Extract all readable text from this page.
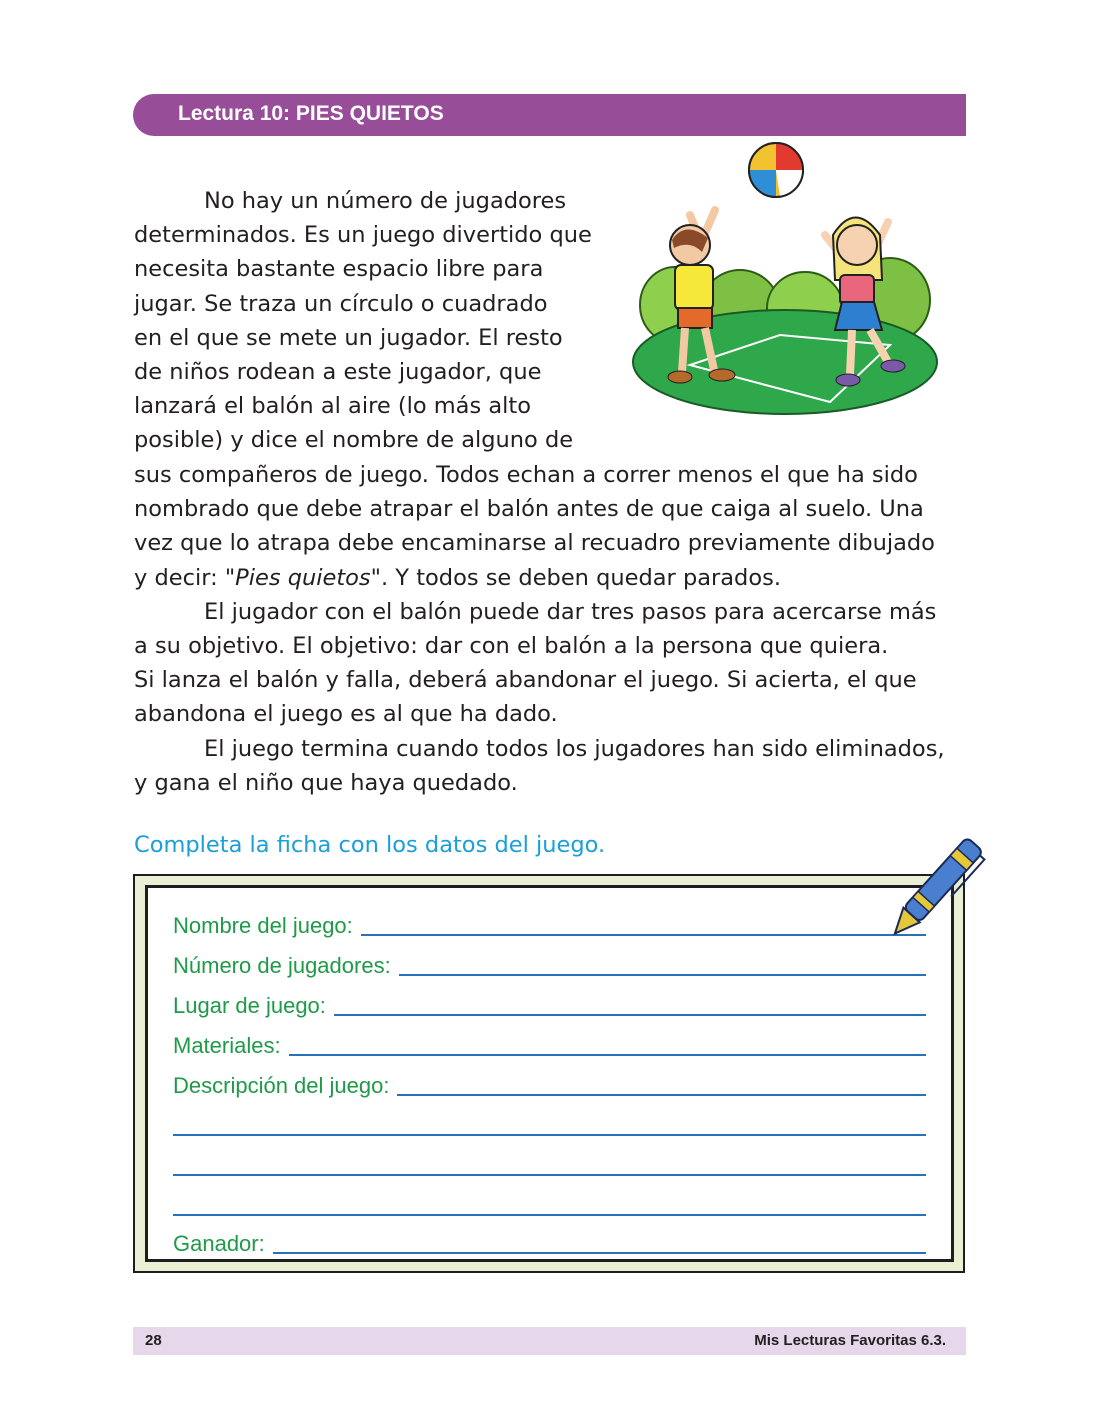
Lectura 10: PIES QUIETOS

No hay un número de jugadores

determinados. Es un juego divertido que

necesita bastante espacio libre para

jugar. Se traza un círculo o cuadrado

en el que se mete un jugador. El resto

de niños rodean a este jugador, que

lanzará el balón al aire (lo más alto

posible) y dice el nombre de alguno de

sus compañeros de juego. Todos echan a correr menos el que ha sido

nombrado que debe atrapar el balón antes de que caiga al suelo. Una

vez que lo atrapa debe encaminarse al recuadro previamente dibujado

y decir: "Pies quietos". Y todos se deben quedar parados.

El jugador con el balón puede dar tres pasos para acercarse más

a su objetivo. El objetivo: dar con el balón a la persona que quiera.

Si lanza el balón y falla, deberá abandonar el juego. Si acierta, el que

abandona el juego es al que ha dado.

El juego termina cuando todos los jugadores han sido eliminados,

y gana el niño que haya quedado.

Completa la ficha con los datos del juego.
Nombre del juego:
Número de jugadores:
Lugar de juego:
Materiales:
Descripción del juego:
Ganador:
28	Mis Lecturas Favoritas 6.3.
